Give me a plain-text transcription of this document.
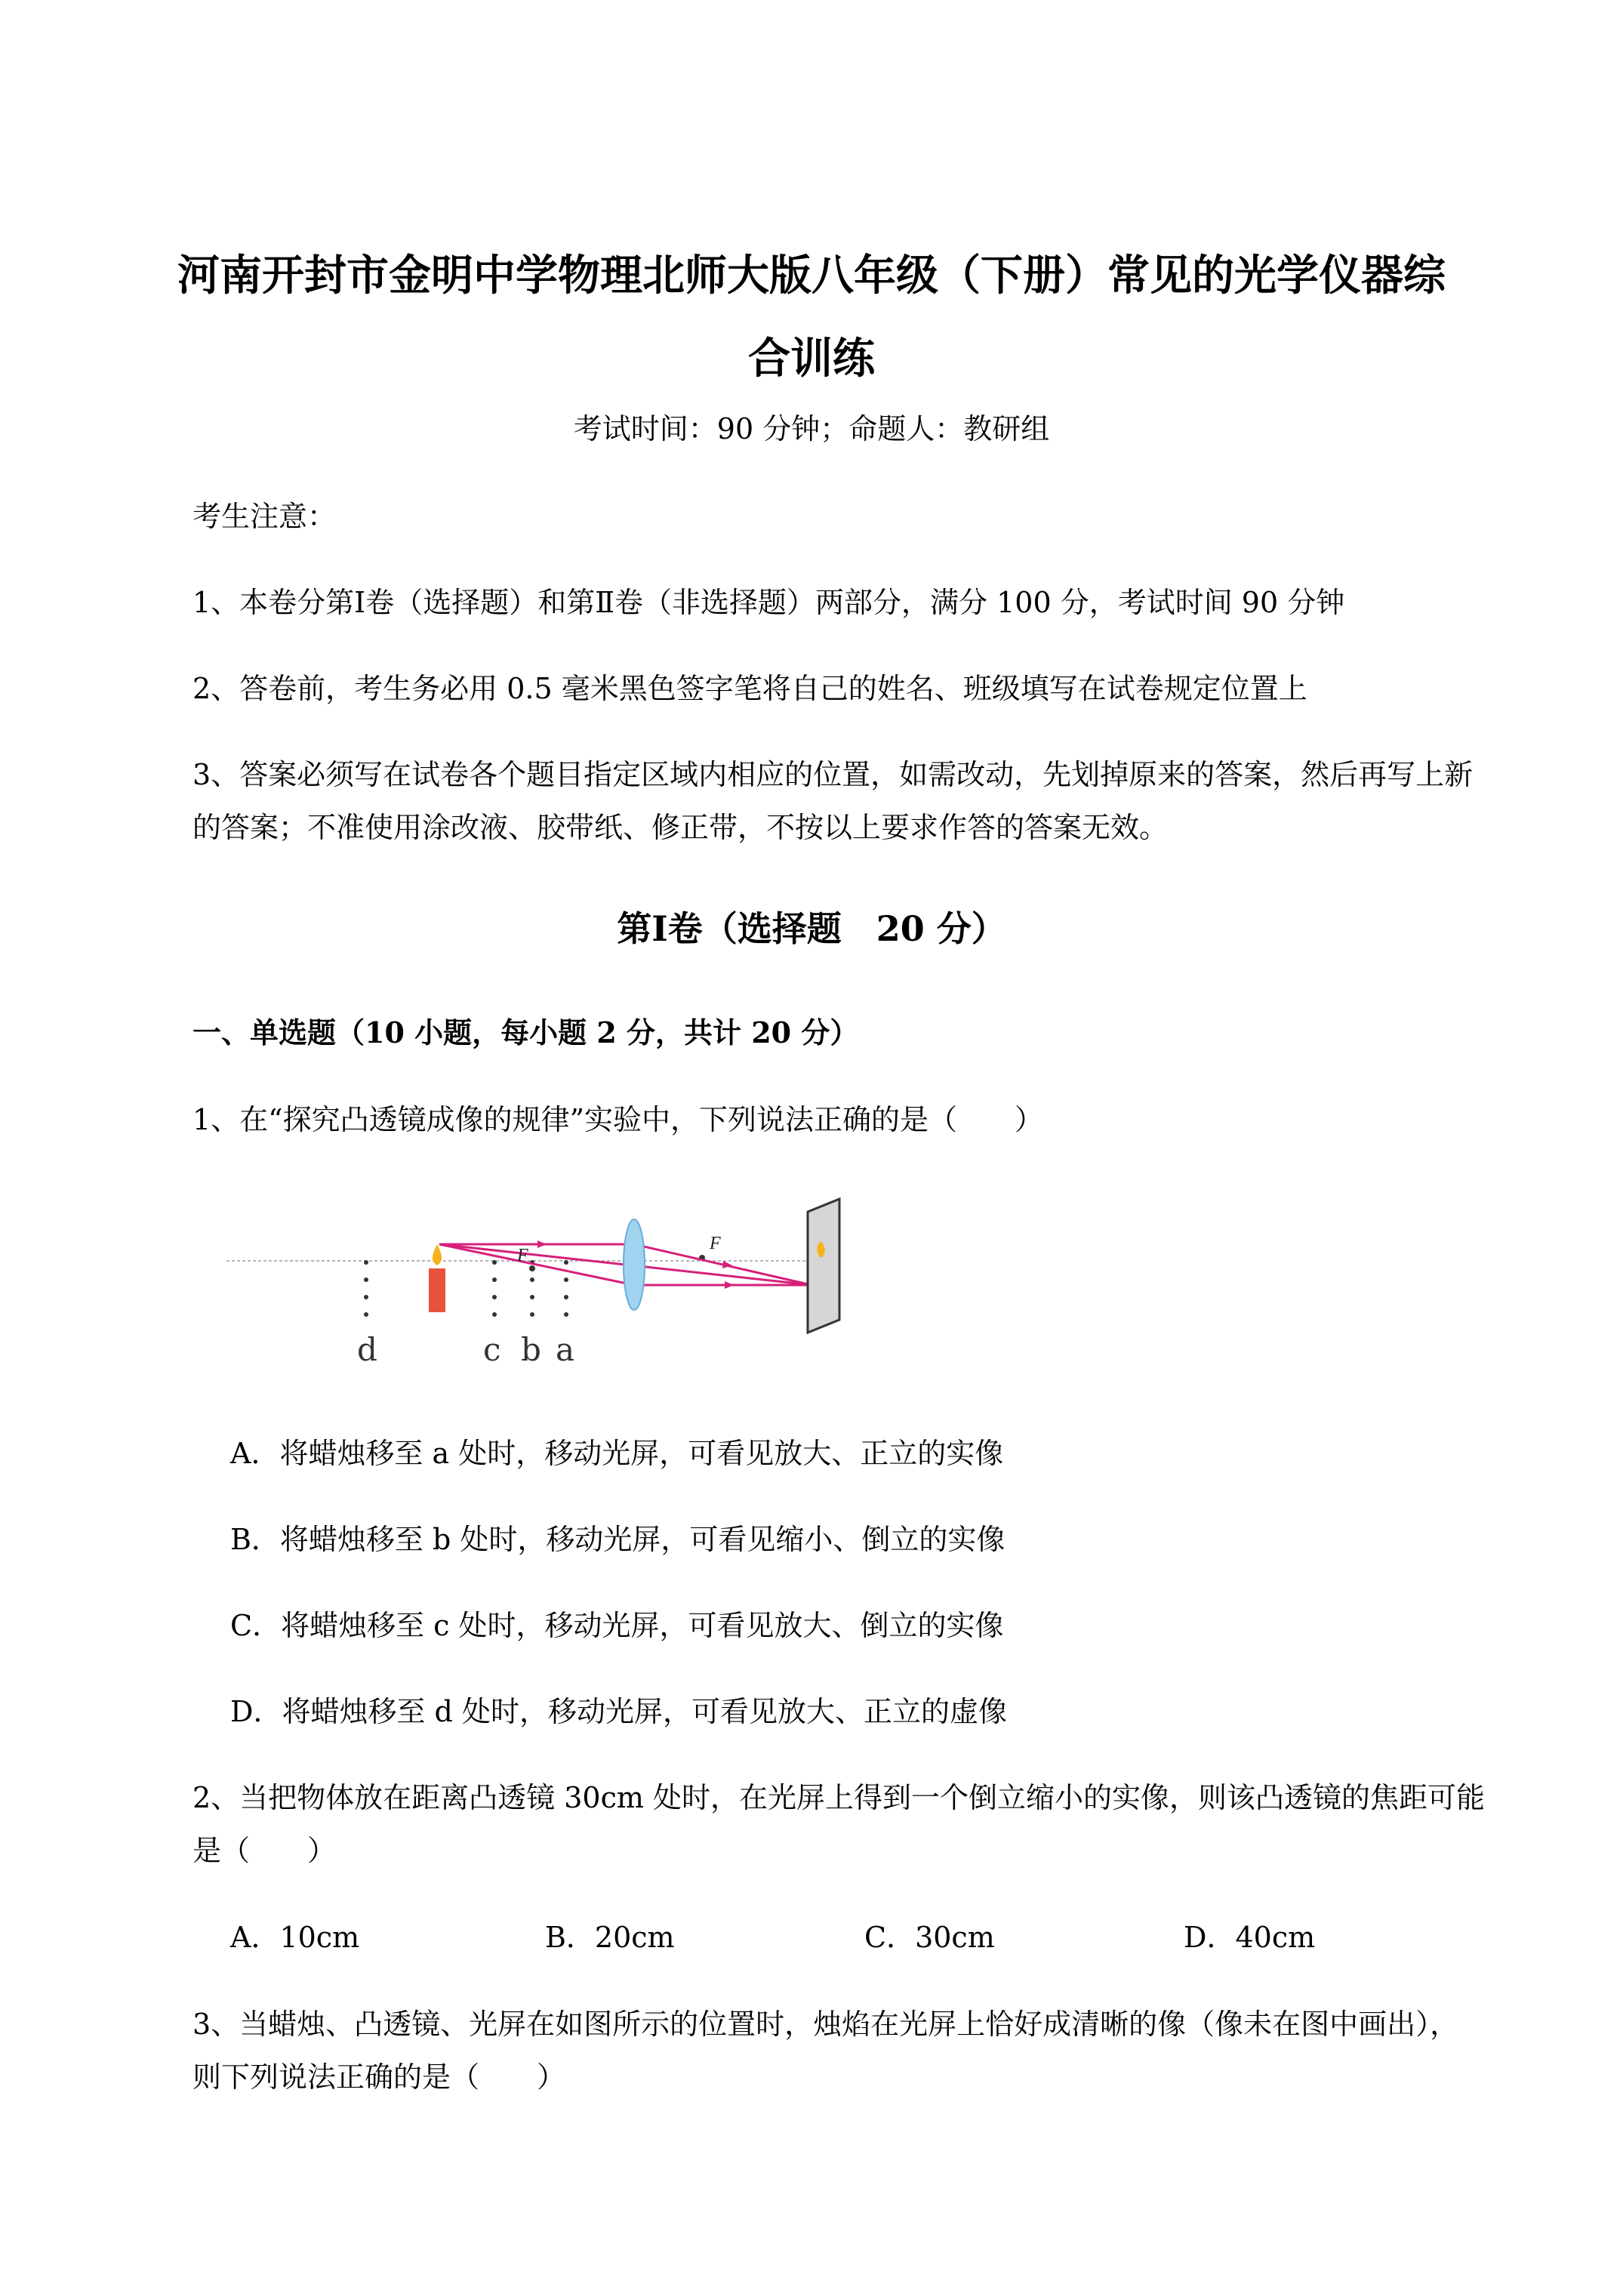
河南开封市金明中学物理北师大版八年级（下册）常见的光学仪器综
合训练
考试时间：90 分钟；命题人：教研组
考生注意：
1、本卷分第Ⅰ卷（选择题）和第Ⅱ卷（非选择题）两部分，满分 100 分，考试时间 90 分钟
2、答卷前，考生务必用 0.5 毫米黑色签字笔将自己的姓名、班级填写在试卷规定位置上
3、答案必须写在试卷各个题目指定区域内相应的位置，如需改动，先划掉原来的答案，然后再写上新
的答案；不准使用涂改液、胶带纸、修正带，不按以上要求作答的答案无效。
第Ⅰ卷（选择题　20 分）
一、单选题（10 小题，每小题 2 分，共计 20 分）
1、在“探究凸透镜成像的规律”实验中，下列说法正确的是（　　）
F
F
d	c b a
A．将蜡烛移至 a 处时，移动光屏，可看见放大、正立的实像
B．将蜡烛移至 b 处时，移动光屏，可看见缩小、倒立的实像
C．将蜡烛移至 c 处时，移动光屏，可看见放大、倒立的实像
D．将蜡烛移至 d 处时，移动光屏，可看见放大、正立的虚像
2、当把物体放在距离凸透镜 30cm 处时，在光屏上得到一个倒立缩小的实像，则该凸透镜的焦距可能
是（　　）
A．10cm	B．20cm	C．30cm	D．40cm
3、当蜡烛、凸透镜、光屏在如图所示的位置时，烛焰在光屏上恰好成清晰的像（像未在图中画出），
则下列说法正确的是（　　）
